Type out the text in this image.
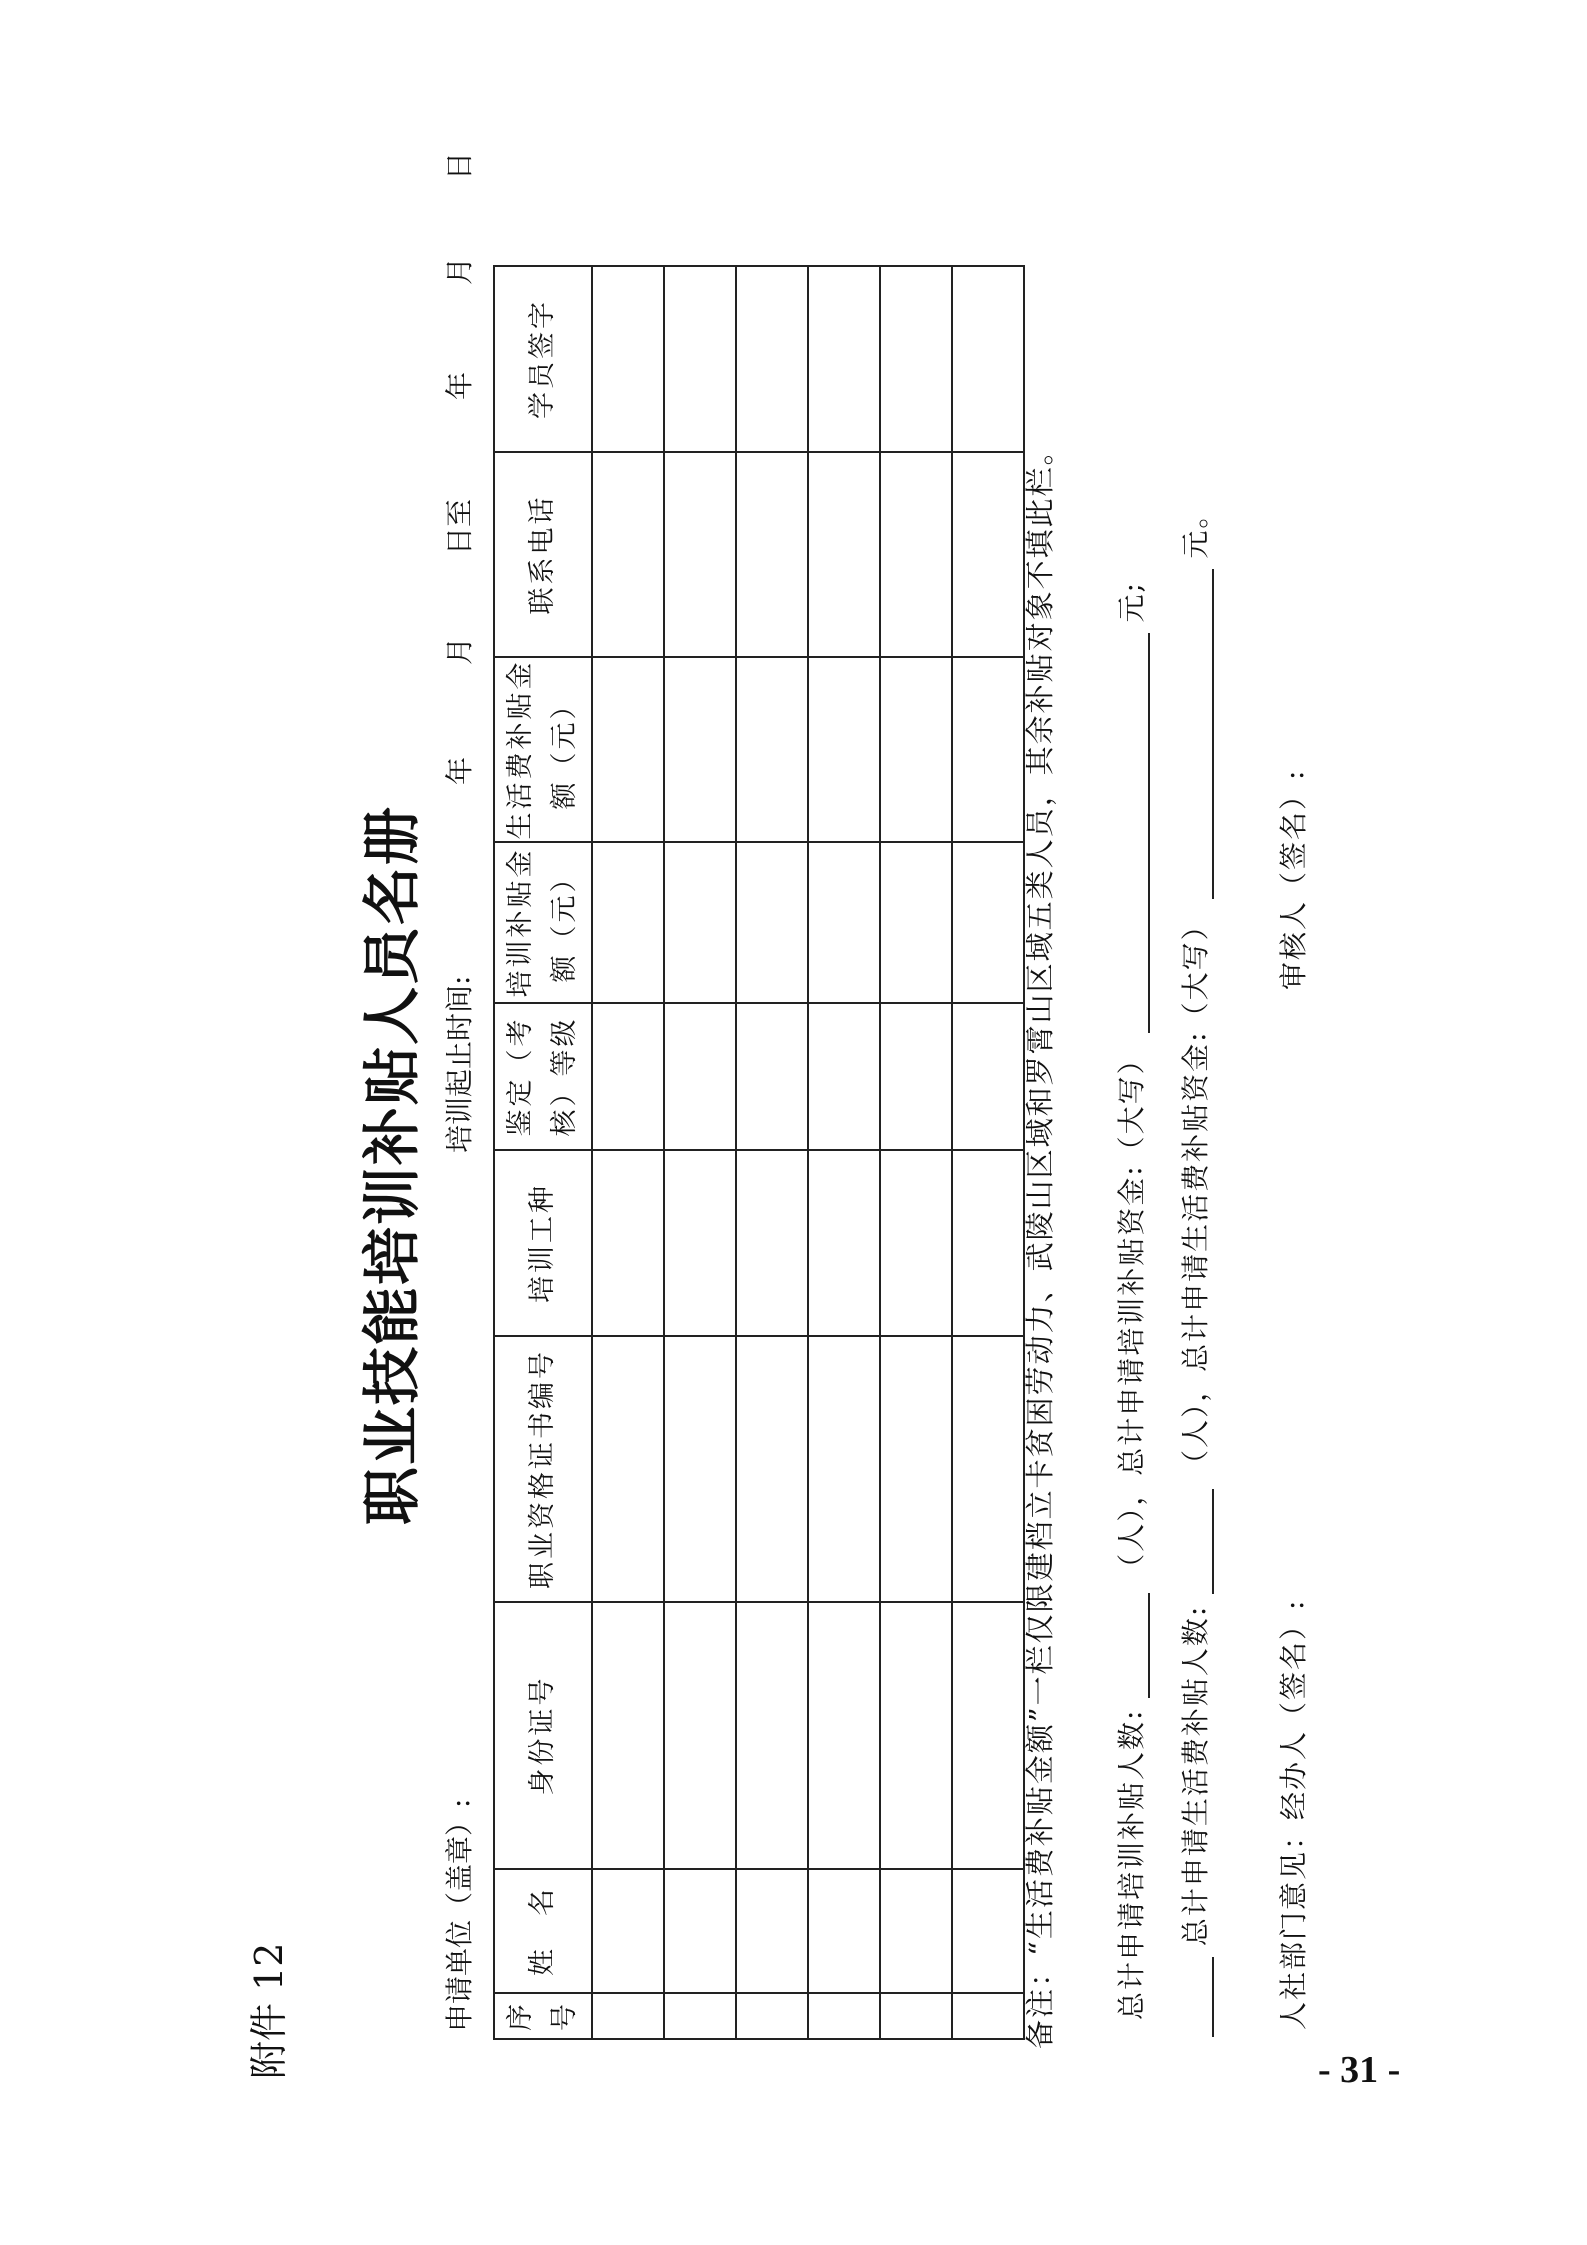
- 31 -
附件 12
职业技能培训补贴人员名册
申请单位（盖章）:
培训起止时间:
年
月
日至
年
月
日
序号	姓　名	身份证号	职业资格证书编号	培训工种	鉴定（考核）等级	培训补贴金额（元）	生活费补贴金额（元）	联系电话	学员签字

备注：“生活费补贴金额”一栏仅限建档立卡贫困劳动力、武陵山区域和罗霄山区域五类人员，其余补贴对象不填此栏。 总计申请培训补贴人数:  （人），总计申请培训补贴资金:（大写）  元;
总计申请生活费补贴人数:  （人），总计申请生活费补贴资金:（大写）  元。
人社部门意见：经办人（签名）:
审核人（签名）:
